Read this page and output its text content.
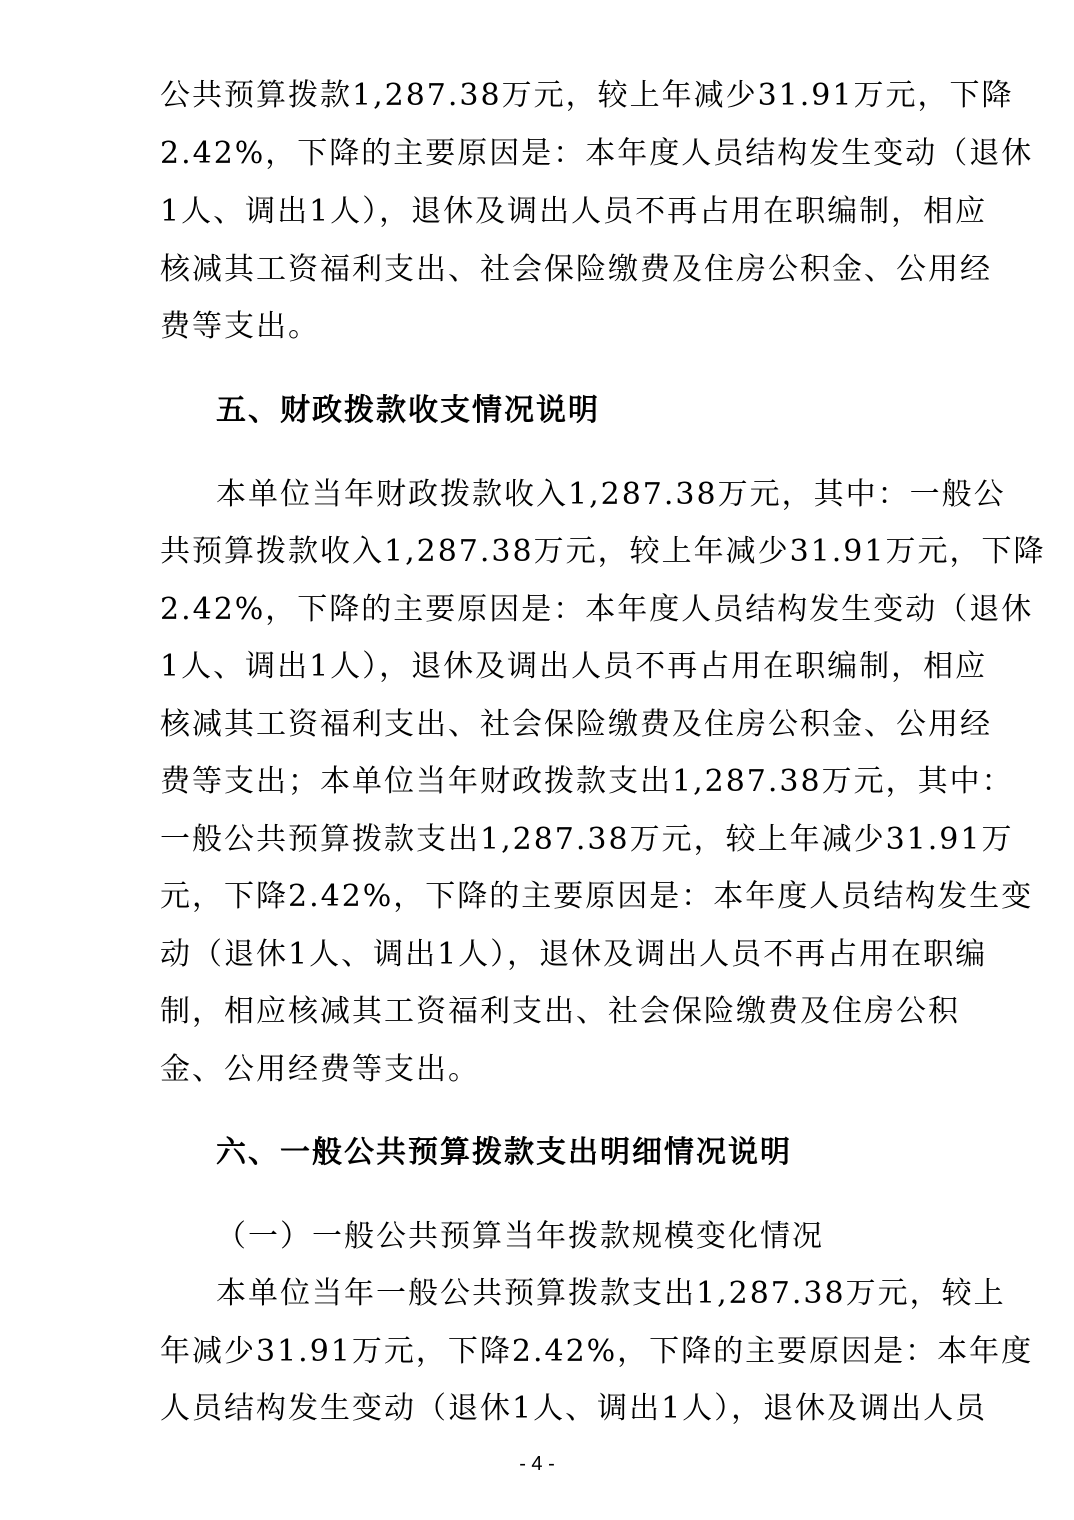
公共预算拨款1,287.38万元，较上年减少31.91万元，下降
2.42%，下降的主要原因是：本年度人员结构发生变动（退休
1人、调出1人），退休及调出人员不再占用在职编制，相应
核减其工资福利支出、社会保险缴费及住房公积金、公用经
费等支出。
五、财政拨款收支情况说明
本单位当年财政拨款收入1,287.38万元，其中：一般公
共预算拨款收入1,287.38万元，较上年减少31.91万元，下降
2.42%，下降的主要原因是：本年度人员结构发生变动（退休
1人、调出1人），退休及调出人员不再占用在职编制，相应
核减其工资福利支出、社会保险缴费及住房公积金、公用经
费等支出；本单位当年财政拨款支出1,287.38万元，其中：
一般公共预算拨款支出1,287.38万元，较上年减少31.91万
元，下降2.42%，下降的主要原因是：本年度人员结构发生变
动（退休1人、调出1人），退休及调出人员不再占用在职编
制，相应核减其工资福利支出、社会保险缴费及住房公积
金、公用经费等支出。
六、一般公共预算拨款支出明细情况说明
（一）一般公共预算当年拨款规模变化情况
本单位当年一般公共预算拨款支出1,287.38万元，较上
年减少31.91万元，下降2.42%，下降的主要原因是：本年度
人员结构发生变动（退休1人、调出1人），退休及调出人员
- 4 -
